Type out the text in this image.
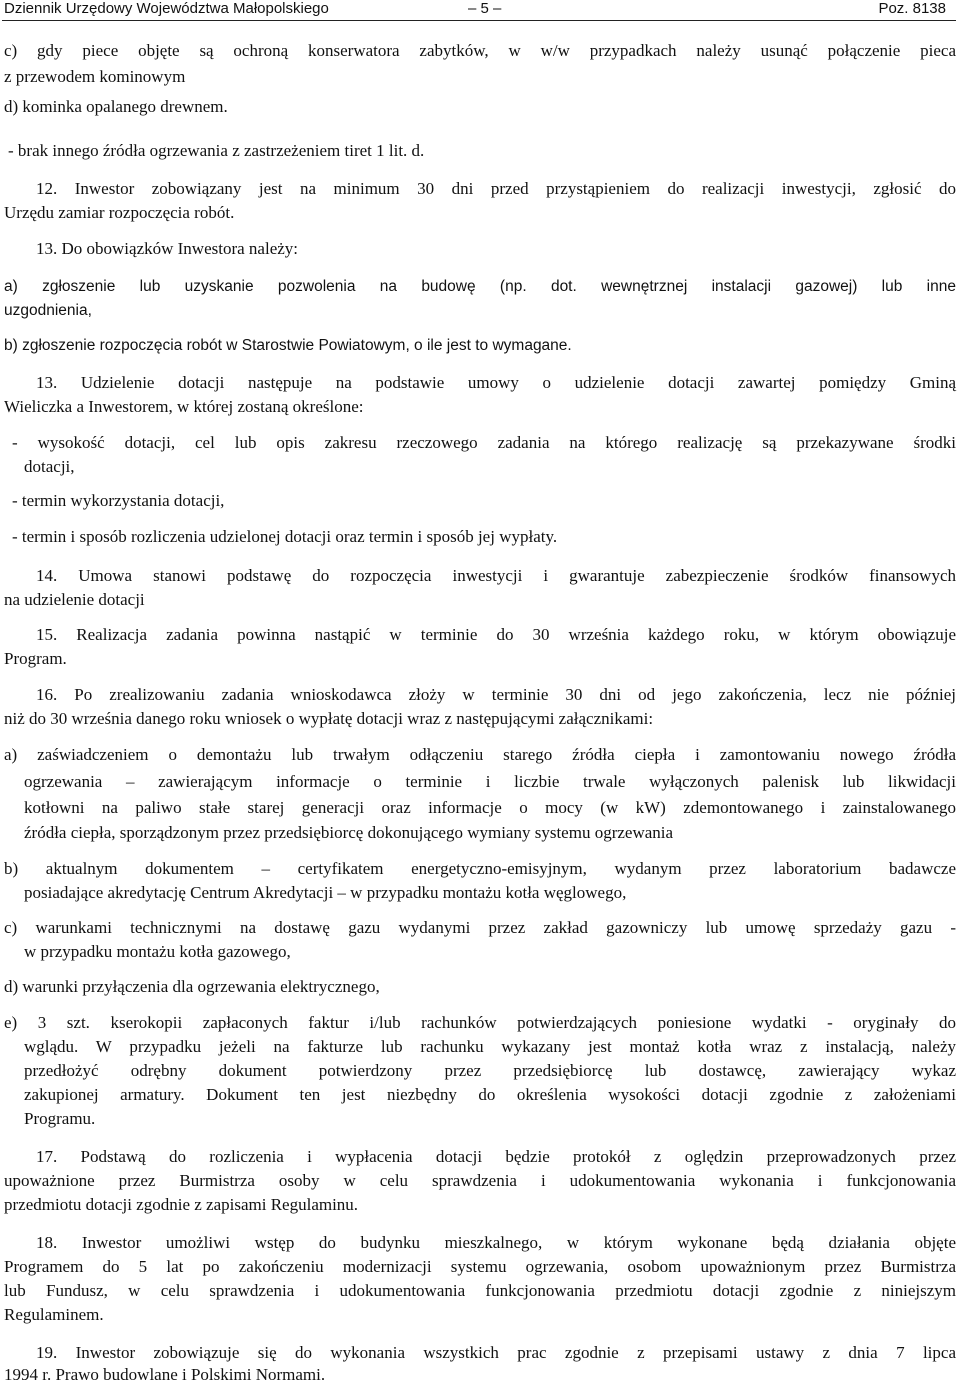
Dziennik Urzędowy Województwa Małopolskiego	– 5 –	Poz. 8138
c) gdy piece objęte są ochroną konserwatora zabytków, w w/w przypadkach należy usunąć połączenie pieca
z przewodem kominowym
d) kominka opalanego drewnem.
- brak innego źródła ogrzewania z zastrzeżeniem tiret 1 lit. d.
12. Inwestor zobowiązany jest na minimum 30 dni przed przystąpieniem do realizacji inwestycji, zgłosić do
Urzędu zamiar rozpoczęcia robót.
13. Do obowiązków Inwestora należy:
a) zgłoszenie lub uzyskanie pozwolenia na budowę (np. dot. wewnętrznej instalacji gazowej) lub inne
uzgodnienia,
b) zgłoszenie rozpoczęcia robót w Starostwie Powiatowym, o ile jest to wymagane.
13. Udzielenie dotacji następuje na podstawie umowy o udzielenie dotacji zawartej pomiędzy Gminą
Wieliczka a Inwestorem, w której zostaną określone:
- wysokość dotacji, cel lub opis zakresu rzeczowego zadania na którego realizację są przekazywane środki
dotacji,
- termin wykorzystania dotacji,
- termin i sposób rozliczenia udzielonej dotacji oraz termin i sposób jej wypłaty.
14. Umowa stanowi podstawę do rozpoczęcia inwestycji i gwarantuje zabezpieczenie środków finansowych
na udzielenie dotacji
15. Realizacja zadania powinna nastąpić w terminie do 30 września każdego roku, w którym obowiązuje
Program.
16. Po zrealizowaniu zadania wnioskodawca złoży w terminie 30 dni od jego zakończenia, lecz nie później
niż do 30 września danego roku wniosek o wypłatę dotacji wraz z następującymi załącznikami:
a) zaświadczeniem o demontażu lub trwałym odłączeniu starego źródła ciepła i zamontowaniu nowego źródła
ogrzewania – zawierającym informacje o terminie i liczbie trwale wyłączonych palenisk lub likwidacji
kotłowni na paliwo stałe starej generacji oraz informacje o mocy (w kW) zdemontowanego i zainstalowanego
źródła ciepła, sporządzonym przez przedsiębiorcę dokonującego wymiany systemu ogrzewania
b) aktualnym dokumentem – certyfikatem energetyczno-emisyjnym, wydanym przez laboratorium badawcze
posiadające akredytację Centrum Akredytacji – w przypadku montażu kotła węglowego,
c) warunkami technicznymi na dostawę gazu wydanymi przez zakład gazowniczy lub umowę sprzedaży gazu -
w przypadku montażu kotła gazowego,
d) warunki przyłączenia dla ogrzewania elektrycznego,
e) 3 szt. kserokopii zapłaconych faktur i/lub rachunków potwierdzających poniesione wydatki - oryginały do
wglądu. W przypadku jeżeli na fakturze lub rachunku wykazany jest montaż kotła wraz z instalacją, należy
przedłożyć odrębny dokument potwierdzony przez przedsiębiorcę lub dostawcę, zawierający wykaz
zakupionej armatury. Dokument ten jest niezbędny do określenia wysokości dotacji zgodnie z założeniami
Programu.
17. Podstawą do rozliczenia i wypłacenia dotacji będzie protokół z oględzin przeprowadzonych przez
upoważnione przez Burmistrza osoby w celu sprawdzenia i udokumentowania wykonania i funkcjonowania
przedmiotu dotacji zgodnie z zapisami Regulaminu.
18. Inwestor umożliwi wstęp do budynku mieszkalnego, w którym wykonane będą działania objęte
Programem do 5 lat po zakończeniu modernizacji systemu ogrzewania, osobom upoważnionym przez Burmistrza
lub Fundusz, w celu sprawdzenia i udokumentowania funkcjonowania przedmiotu dotacji zgodnie z niniejszym
Regulaminem.
19. Inwestor zobowiązuje się do wykonania wszystkich prac zgodnie z przepisami ustawy z dnia 7 lipca
1994 r. Prawo budowlane i Polskimi Normami.
